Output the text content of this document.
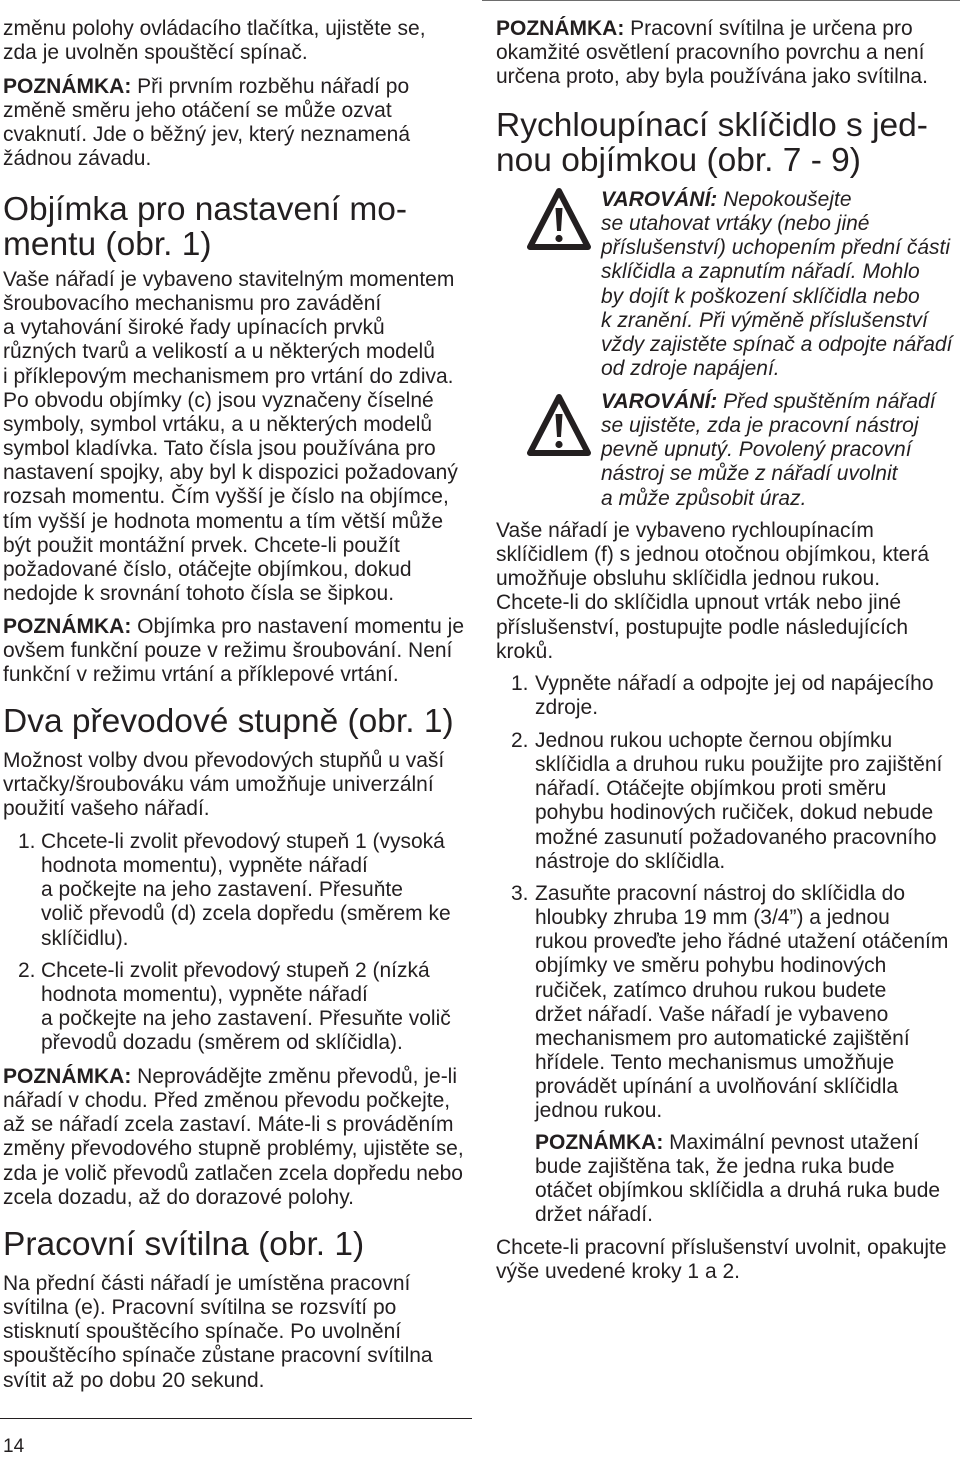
změnu polohy ovládacího tlačítka, ujistěte se,
zda je uvolněn spouštěcí spínač.
POZNÁMKA: Při prvním rozběhu nářadí po
změně směru jeho otáčení se může ozvat
cvaknutí. Jde o běžný jev, který neznamená
žádnou závadu.
Objímka pro nastavení mo-
mentu (obr. 1)
Vaše nářadí je vybaveno stavitelným momentem
šroubovacího mechanismu pro zavádění
a vytahování široké řady upínacích prvků
různých tvarů a velikostí a u některých modelů
i příklepovým mechanismem pro vrtání do zdiva.
Po obvodu objímky (c) jsou vyznačeny číselné
symboly, symbol vrtáku, a u některých modelů
symbol kladívka. Tato čísla jsou používána pro
nastavení spojky, aby byl k dispozici požadovaný
rozsah momentu. Čím vyšší je číslo na objímce,
tím vyšší je hodnota momentu a tím větší může
být použit montážní prvek. Chcete-li použít
požadované číslo, otáčejte objímkou, dokud
nedojde k srovnání tohoto čísla se šipkou.
POZNÁMKA: Objímka pro nastavení momentu je
ovšem funkční pouze v režimu šroubování. Není
funkční v režimu vrtání a příklepové vrtání.
Dva převodové stupně (obr. 1)
Možnost volby dvou převodových stupňů u vaší
vrtačky/šroubováku vám umožňuje univerzální
použití vašeho nářadí.
1. Chcete-li zvolit převodový stupeň 1 (vysoká
hodnota momentu), vypněte nářadí
a počkejte na jeho zastavení. Přesuňte
volič převodů (d) zcela dopředu (směrem ke
sklíčidlu).
2. Chcete-li zvolit převodový stupeň 2 (nízká
hodnota momentu), vypněte nářadí
a počkejte na jeho zastavení. Přesuňte volič
převodů dozadu (směrem od sklíčidla).
POZNÁMKA: Neprovádějte změnu převodů, je-li
nářadí v chodu. Před změnou převodu počkejte,
až se nářadí zcela zastaví. Máte-li s prováděním
změny převodového stupně problémy, ujistěte se,
zda je volič převodů zatlačen zcela dopředu nebo
zcela dozadu, až do dorazové polohy.
Pracovní svítilna (obr. 1)
Na přední části nářadí je umístěna pracovní
svítilna (e). Pracovní svítilna se rozsvítí po
stisknutí spouštěcího spínače. Po uvolnění
spouštěcího spínače zůstane pracovní svítilna
svítit až po dobu 20 sekund.
POZNÁMKA: Pracovní svítilna je určena pro
okamžité osvětlení pracovního povrchu a není
určena proto, aby byla používána jako svítilna.
Rychloupínací sklíčidlo s jed-
nou objímkou (obr. 7 - 9)
VAROVÁNÍ: Nepokoušejte
se utahovat vrtáky (nebo jiné
příslušenství) uchopením přední části
sklíčidla a zapnutím nářadí. Mohlo
by dojít k poškození sklíčidla nebo
k zranění. Při výměně příslušenství
vždy zajistěte spínač a odpojte nářadí
od zdroje napájení.
VAROVÁNÍ: Před spuštěním nářadí
se ujistěte, zda je pracovní nástroj
pevně upnutý. Povolený pracovní
nástroj se může z nářadí uvolnit
a může způsobit úraz.
Vaše nářadí je vybaveno rychloupínacím
sklíčidlem (f) s jednou otočnou objímkou, která
umožňuje obsluhu sklíčidla jednou rukou.
Chcete-li do sklíčidla upnout vrták nebo jiné
příslušenství, postupujte podle následujících
kroků.
1. Vypněte nářadí a odpojte jej od napájecího
zdroje.
2. Jednou rukou uchopte černou objímku
sklíčidla a druhou ruku použijte pro zajištění
nářadí. Otáčejte objímkou proti směru
pohybu hodinových ručiček, dokud nebude
možné zasunutí požadovaného pracovního
nástroje do sklíčidla.
3. Zasuňte pracovní nástroj do sklíčidla do
hloubky zhruba 19 mm (3/4”) a jednou
rukou proveďte jeho řádné utažení otáčením
objímky ve směru pohybu hodinových
ručiček, zatímco druhou rukou budete
držet nářadí. Vaše nářadí je vybaveno
mechanismem pro automatické zajištění
hřídele. Tento mechanismus umožňuje
provádět upínání a uvolňování sklíčidla
jednou rukou.
POZNÁMKA: Maximální pevnost utažení
bude zajištěna tak, že jedna ruka bude
otáčet objímkou sklíčidla a druhá ruka bude
držet nářadí.
Chcete-li pracovní příslušenství uvolnit, opakujte
výše uvedené kroky 1 a 2.
14
